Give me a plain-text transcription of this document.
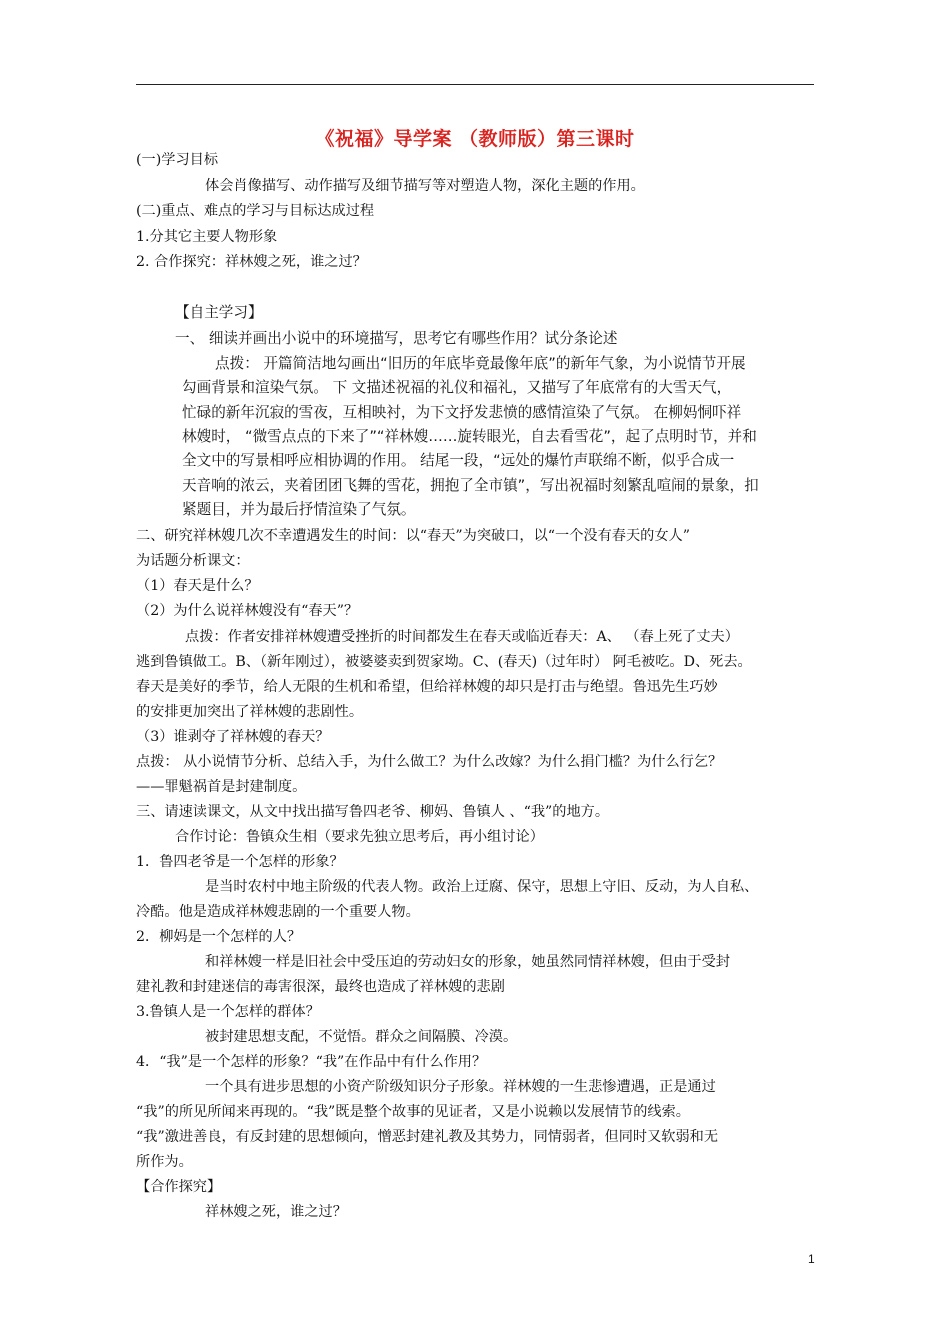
《祝福》导学案 （教师版）第三课时
(一)学习目标
体会肖像描写、动作描写及细节描写等对塑造人物，深化主题的作用。
(二)重点、难点的学习与目标达成过程
1.分其它主要人物形象
2. 合作探究：祥林嫂之死，谁之过？
【自主学习】
一、 细读并画出小说中的环境描写，思考它有哪些作用？试分条论述
点拨： 开篇简洁地勾画出“旧历的年底毕竟最像年底”的新年气象，为小说情节开展
勾画背景和渲染气氛。 下 文描述祝福的礼仪和福礼，又描写了年底常有的大雪天气，
忙碌的新年沉寂的雪夜，互相映衬，为下文抒发悲愤的感情渲染了气氛。 在柳妈恫吓祥
林嫂时， “微雪点点的下来了”“祥林嫂……旋转眼光，自去看雪花”，起了点明时节，并和
全文中的写景相呼应相协调的作用。 结尾一段，“远处的爆竹声联绵不断，似乎合成一
天音响的浓云，夹着团团飞舞的雪花，拥抱了全市镇”，写出祝福时刻繁乱喧闹的景象，扣
紧题目，并为最后抒情渲染了气氛。
二、研究祥林嫂几次不幸遭遇发生的时间：以“春天”为突破口，以“一个没有春天的女人”
为话题分析课文：
（1）春天是什么？
（2）为什么说祥林嫂没有“春天”？
点拨：作者安排祥林嫂遭受挫折的时间都发生在春天或临近春天：A、 （春上死了丈夫）
逃到鲁镇做工。B、（新年刚过），被婆婆卖到贺家坳。C、(春天)（过年时） 阿毛被吃。D、死去。
春天是美好的季节，给人无限的生机和希望，但给祥林嫂的却只是打击与绝望。鲁迅先生巧妙
的安排更加突出了祥林嫂的悲剧性。
（3）谁剥夺了祥林嫂的春天？
点拨： 从小说情节分析、总结入手，为什么做工？为什么改嫁？为什么捐门槛？为什么行乞？
——罪魁祸首是封建制度。
三、请速读课文，从文中找出描写鲁四老爷、柳妈、鲁镇人 、“我”的地方。
合作讨论：鲁镇众生相（要求先独立思考后，再小组讨论）
1．鲁四老爷是一个怎样的形象？
是当时农村中地主阶级的代表人物。政治上迂腐、保守，思想上守旧、反动，为人自私、
冷酷。他是造成祥林嫂悲剧的一个重要人物。
2．柳妈是一个怎样的人？
和祥林嫂一样是旧社会中受压迫的劳动妇女的形象，她虽然同情祥林嫂，但由于受封
建礼教和封建迷信的毒害很深，最终也造成了祥林嫂的悲剧
3.鲁镇人是一个怎样的群体？
被封建思想支配，不觉悟。群众之间隔膜、冷漠。
4．“我”是一个怎样的形象？“我”在作品中有什么作用？
一个具有进步思想的小资产阶级知识分子形象。祥林嫂的一生悲惨遭遇，正是通过
“我”的所见所闻来再现的。“我”既是整个故事的见证者，又是小说赖以发展情节的线索。
“我”激进善良，有反封建的思想倾向，憎恶封建礼教及其势力，同情弱者，但同时又软弱和无
所作为。
【合作探究】
祥林嫂之死，谁之过？
1
